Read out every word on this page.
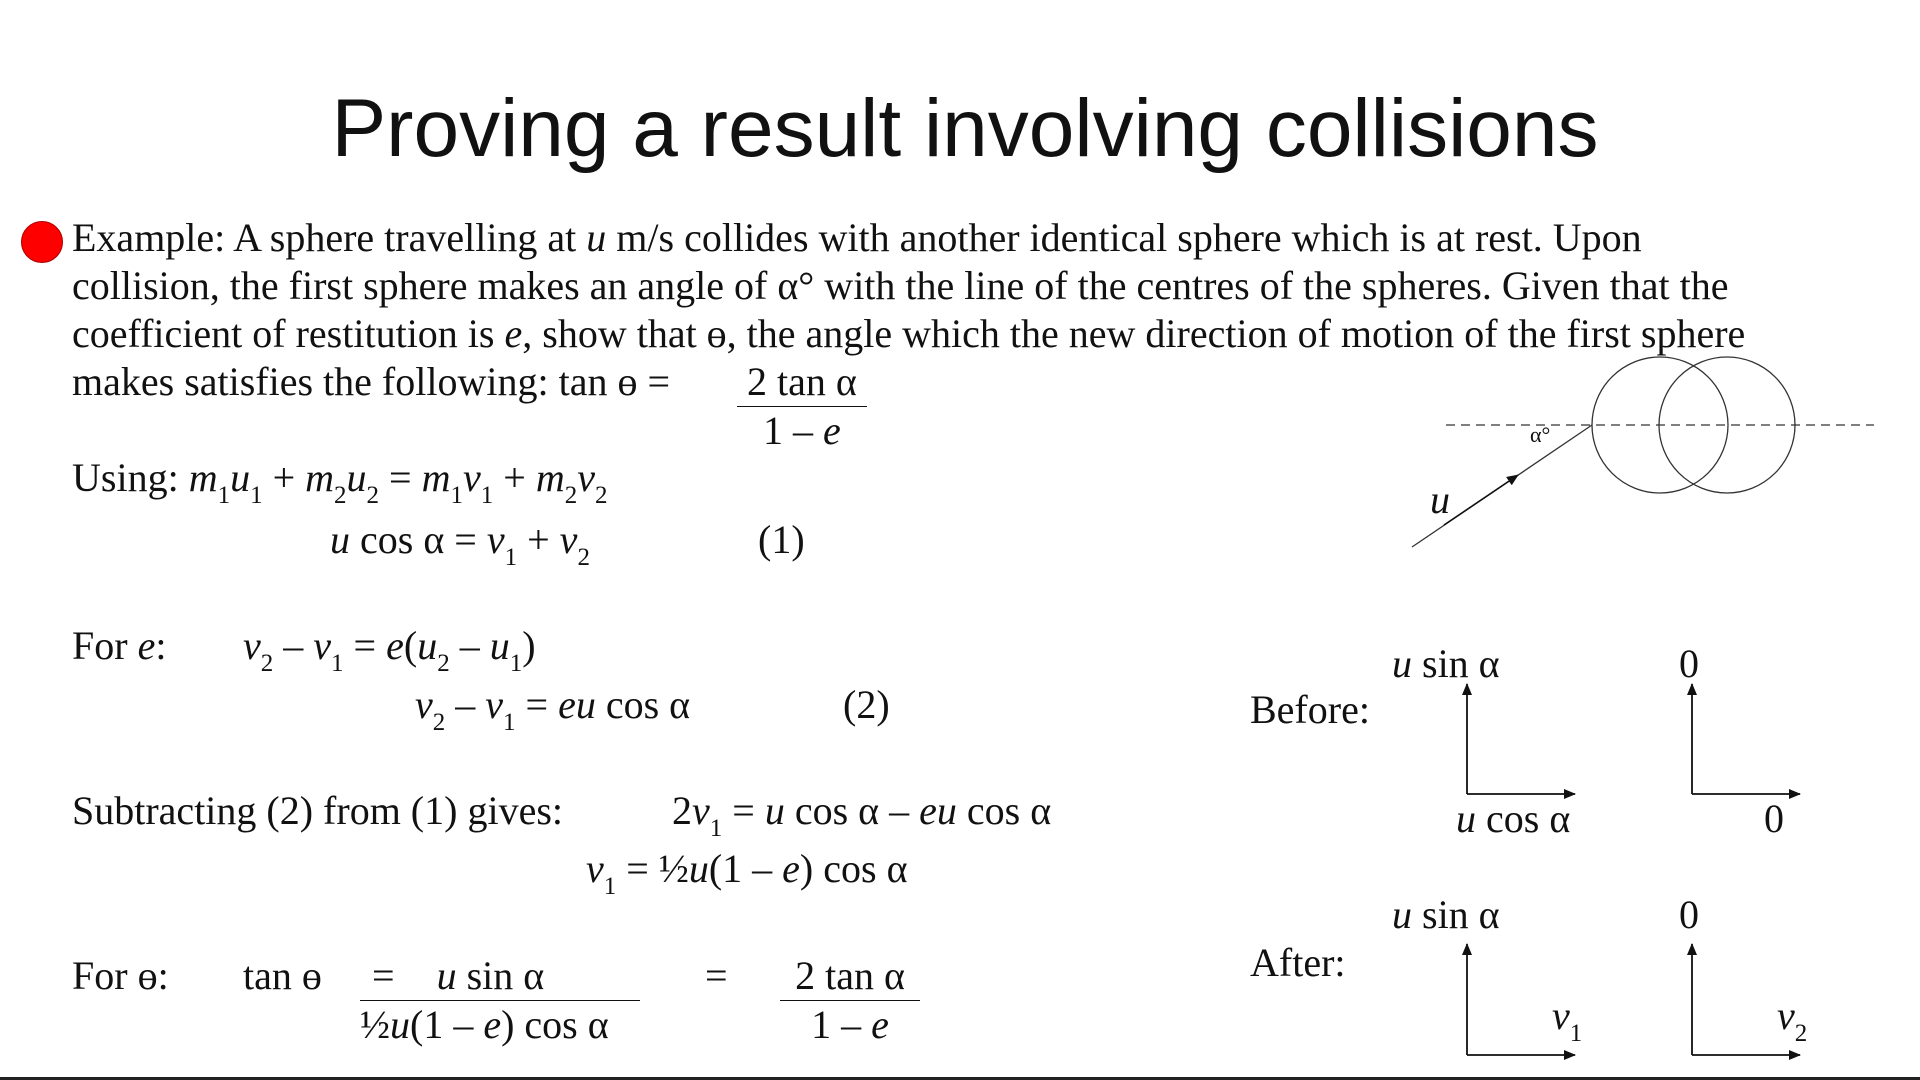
Proving a result involving collisions
Example: A sphere travelling at u m/s collides with another identical sphere which is at rest. Upon
collision, the first sphere makes an angle of α° with the line of the centres of the spheres. Given that the
coefficient of restitution is e, show that ɵ, the angle which the new direction of motion of the first sphere
makes satisfies the following: tan ɵ = 2 tan α
1 – e
Using: $m_1u_1 + m_2u_2 = m_1v_1 + m_2v_2$
u $\cos \alpha = v_1 + v_2$	(1)
For e: $v_2 - v_1 = e(u_2 - u_1)$
$v_2 - v_1$ = eu cos α	(2)
Subtracting (2) from (1) gives:	$2v_1 = u$ cos α – eu cos α
$v_1$ = ½u(1 – e) cos α
For ɵ: tan ɵ	= u sin α
½u(1 – e) cos α
=	2 tan α
1 – e
α°
u
Before:
u sin α
u cos α
0
0
After:
u sin α
$v_1$
0
$v_2$
